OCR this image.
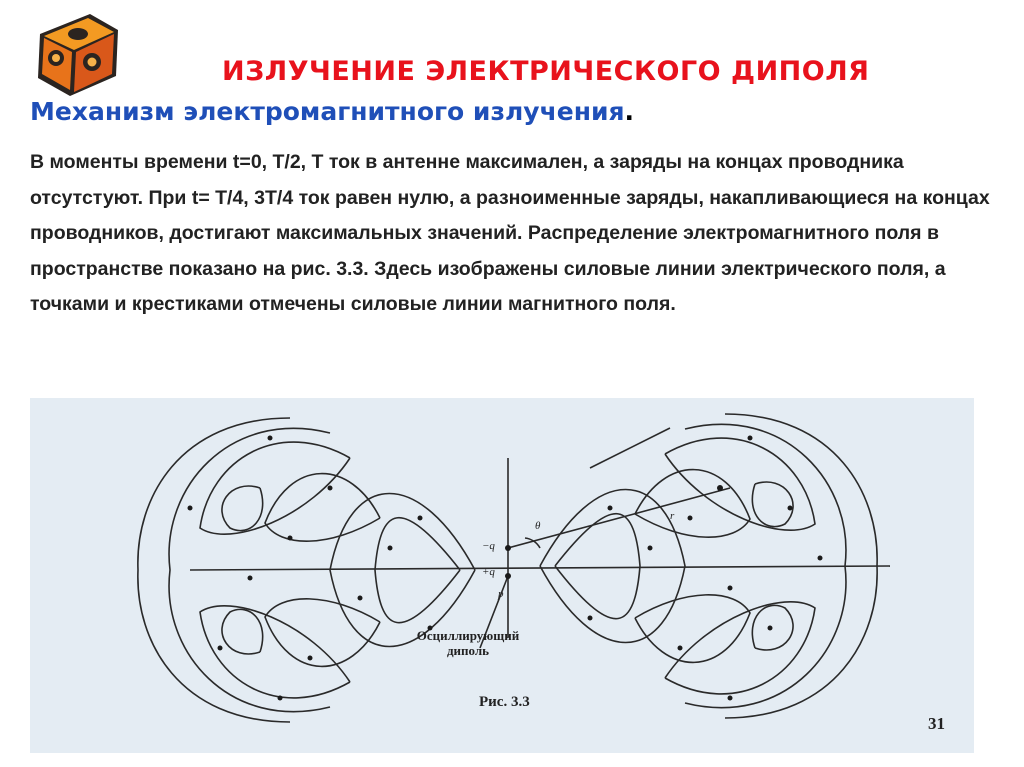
ИЗЛУЧЕНИЕ ЭЛЕКТРИЧЕСКОГО ДИПОЛЯ
Механизм электромагнитного излучения.
В моменты времени t=0, Т/2, Т ток в антенне максимален, а заряды на концах проводника отсутстуют. При t= Т/4, 3Т/4 ток равен нулю, а разноименные заряды, накапливающиеся на концах проводников, достигают максимальных значений. Распределение электромагнитного поля в пространстве показано на рис. 3.3. Здесь изображены силовые линии электрического поля, а точками и крестиками отмечены силовые линии магнитного поля.
−q
+q
p
θ
r
Осциллирующий
диполь
Рис. 3.3
31
